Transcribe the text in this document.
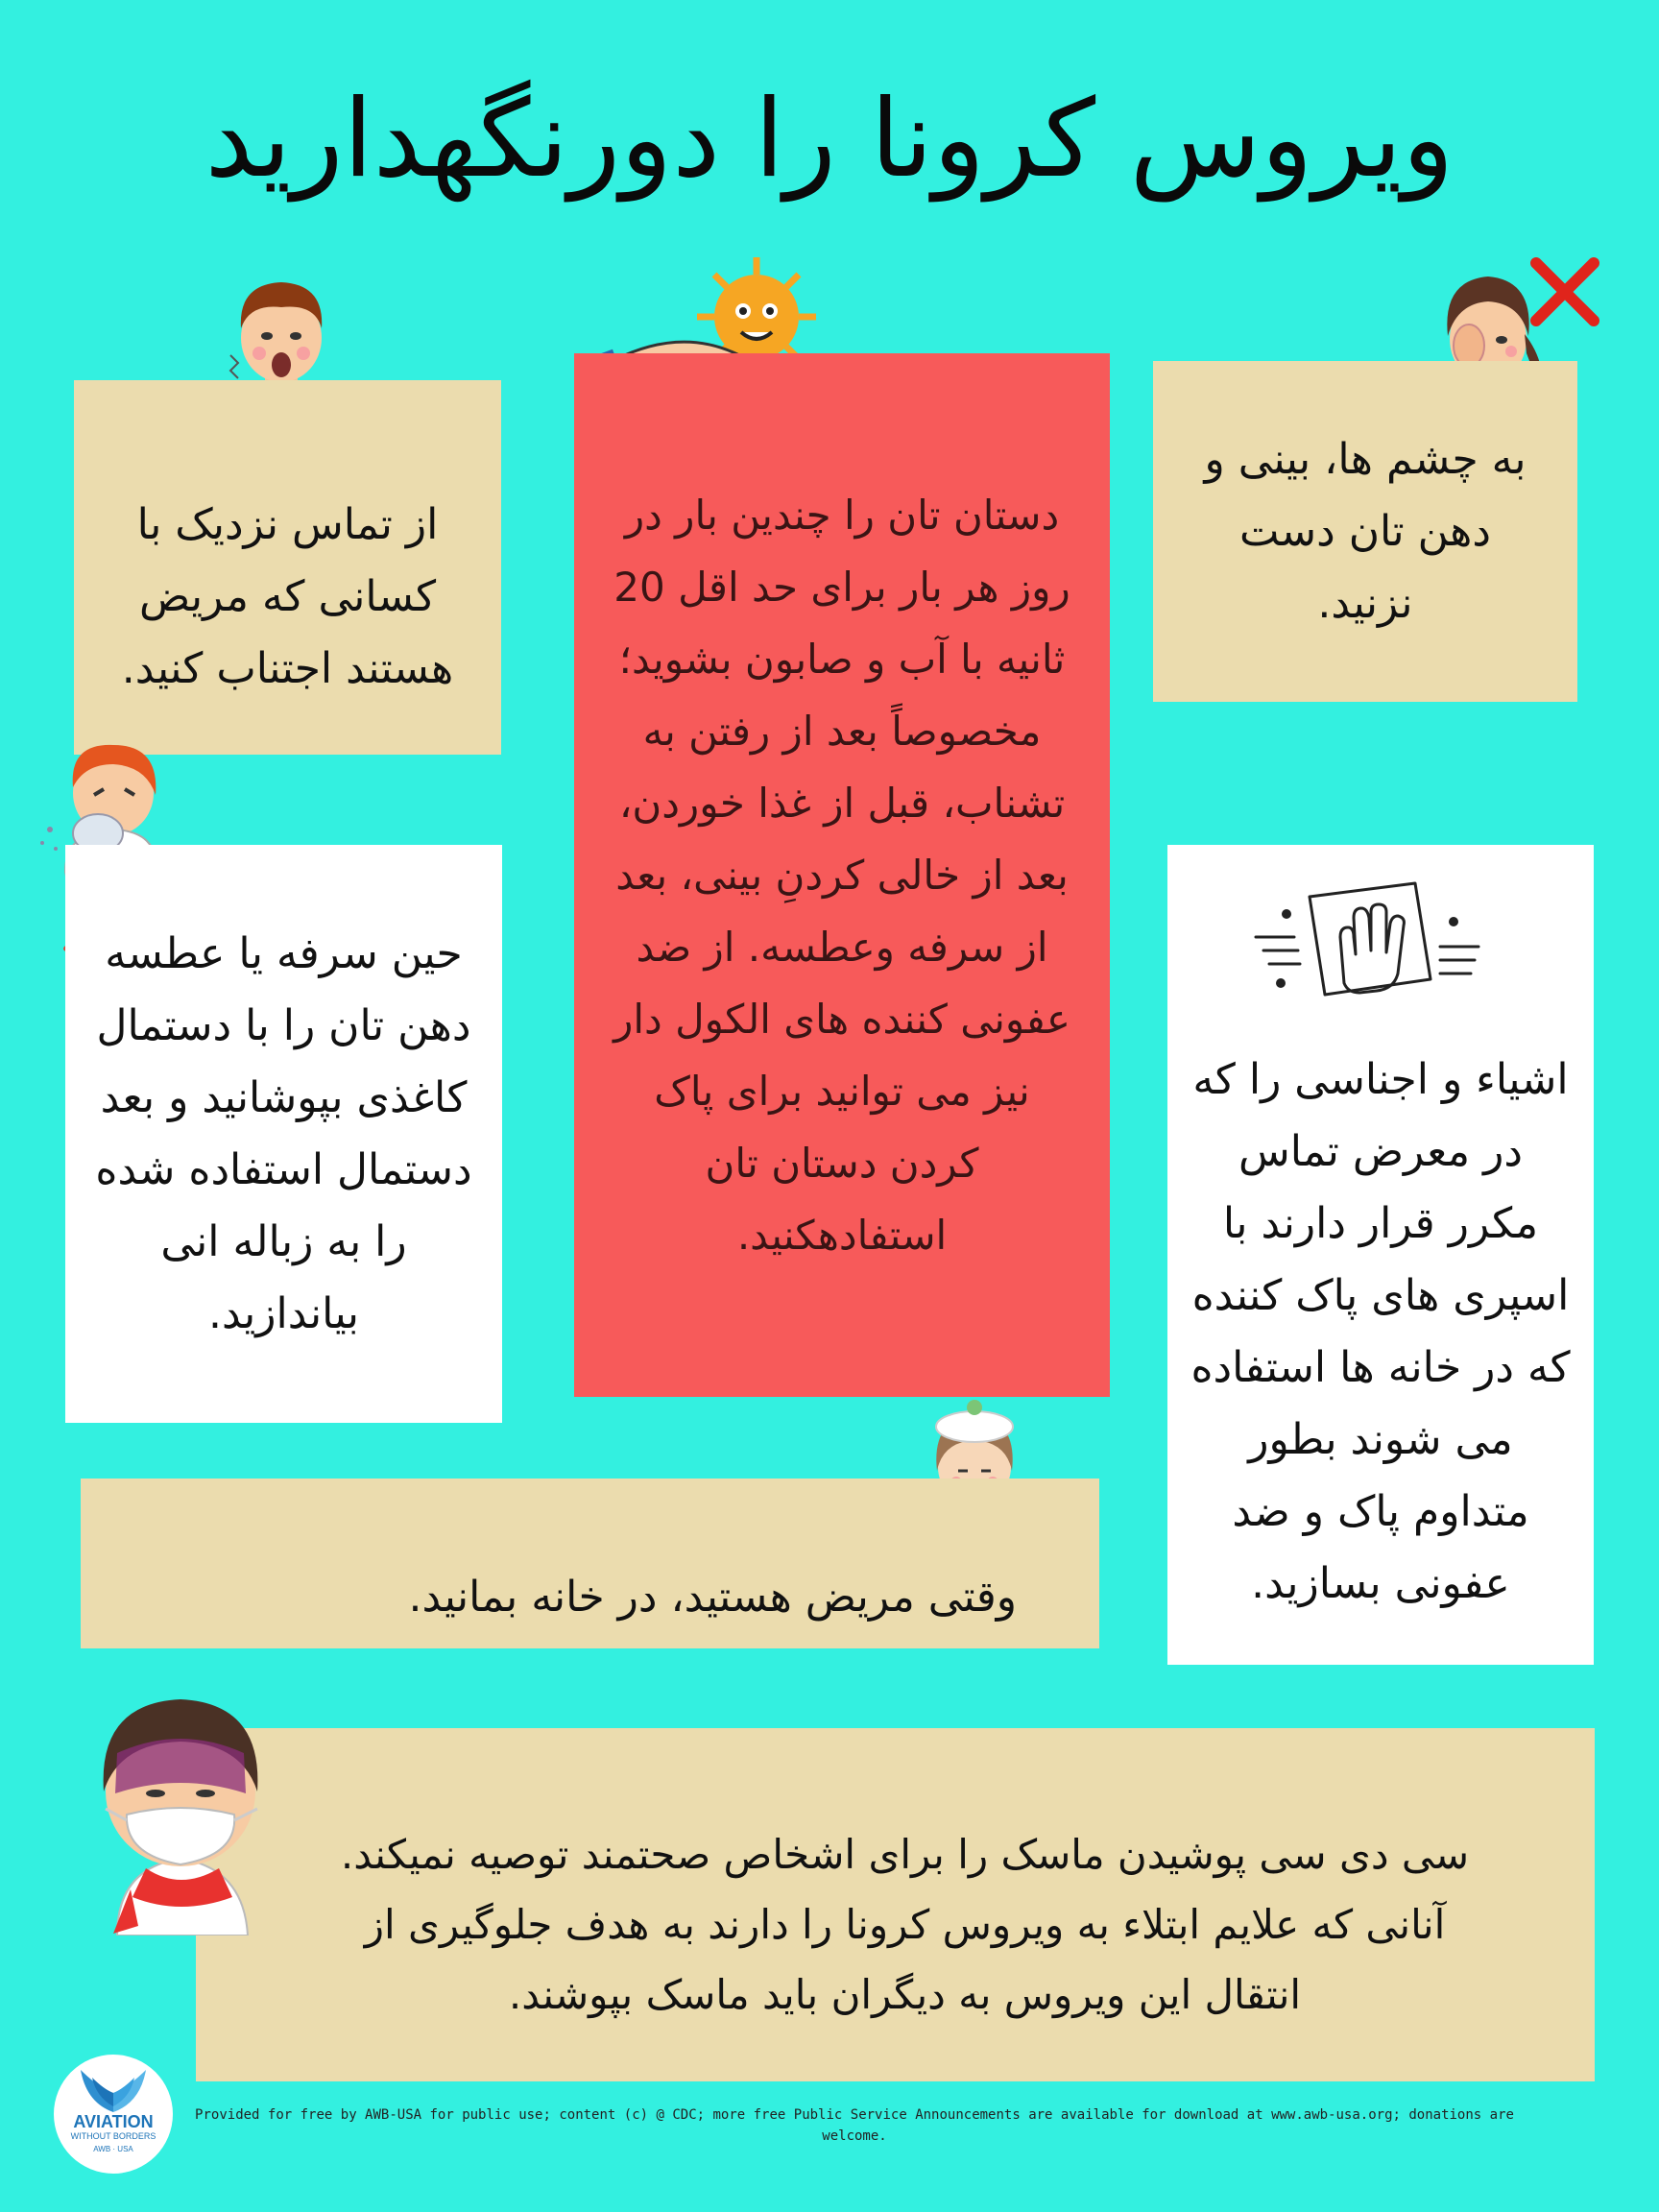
ویروس کرونا را دورنگهدارید
از تماس نزدیک با کسانی که مریض هستند اجتناب کنید.
دستان تان را چندین بار در روز هر بار برای حد اقل 20 ثانیه با آب و صابون بشوید؛ مخصوصاً بعد از رفتن به تشناب، قبل از غذا خوردن، بعد از خالی کردنِ بینی، بعد از سرفه وعطسه. از ضد عفونی کننده های الکول دار نیز می توانید برای پاک کردن دستان تان استفادهکنید.
به چشم ها، بینی و دهن تان دست نزنید.
حین سرفه یا عطسه دهن تان را با دستمال کاغذی بپوشانید و بعد دستمال استفاده شده را به زباله انی بیاندازید.
اشیاء و اجناسی را که در معرض تماس مکرر قرار دارند با اسپری های پاک کننده که در خانه ها استفاده می شوند بطور متداوم پاک و ضد عفونی بسازید.
وقتی مریض هستید، در خانه بمانید.
سی دی سی پوشیدن ماسک را برای اشخاص صحتمند توصیه نمیکند. آنانی که علایم ابتلاء به ویروس کرونا را دارند به هدف جلوگیری از انتقال این ویروس به دیگران باید ماسک بپوشند.
AVIATION
WITHOUT BORDERS
AWB · USA
Provided for free by AWB-USA for public use; content (c) @ CDC; more free Public Service Announcements are available for download at www.awb-usa.org; donations are welcome.
